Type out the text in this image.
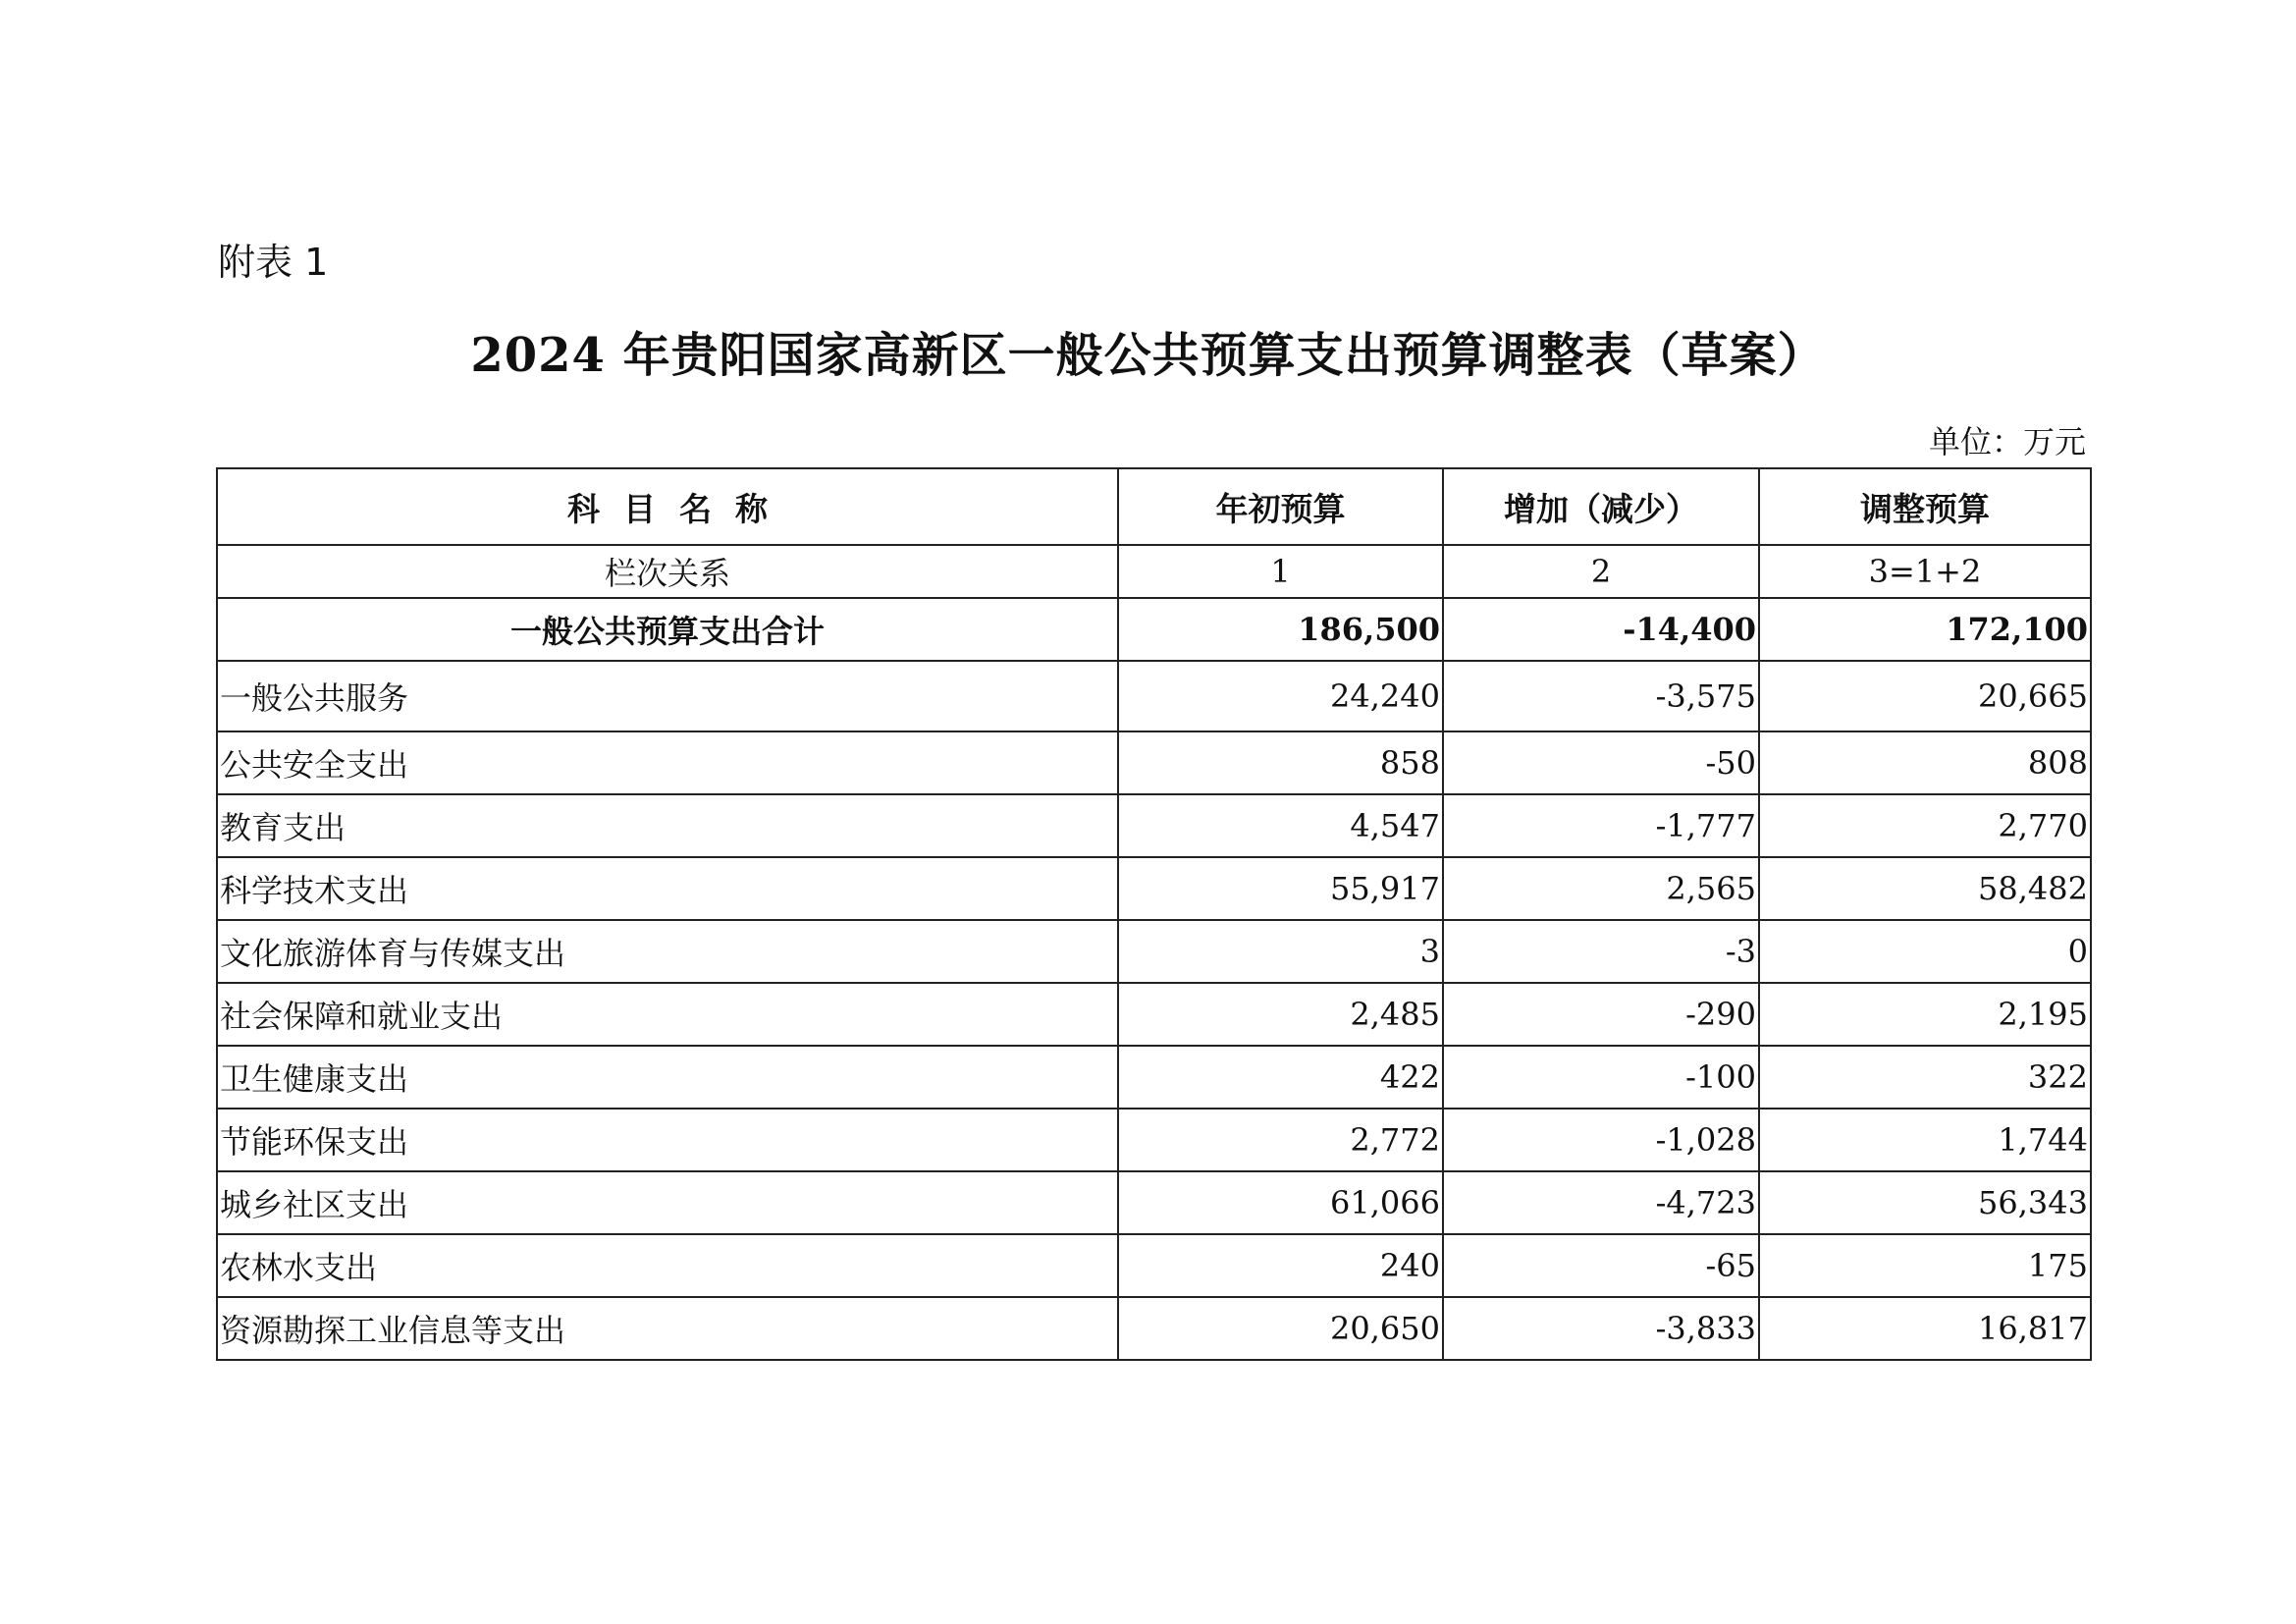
附表 1
2024 年贵阳国家高新区一般公共预算支出预算调整表（草案）
单位：万元
科目名称	年初预算	增加（减少）	调整预算
栏次关系	1	2	3=1+2
一般公共预算支出合计	186,500	-14,400	172,100
一般公共服务	24,240	-3,575	20,665
公共安全支出	858	-50	808
教育支出	4,547	-1,777	2,770
科学技术支出	55,917	2,565	58,482
文化旅游体育与传媒支出	3	-3	0
社会保障和就业支出	2,485	-290	2,195
卫生健康支出	422	-100	322
节能环保支出	2,772	-1,028	1,744
城乡社区支出	61,066	-4,723	56,343
农林水支出	240	-65	175
资源勘探工业信息等支出	20,650	-3,833	16,817
